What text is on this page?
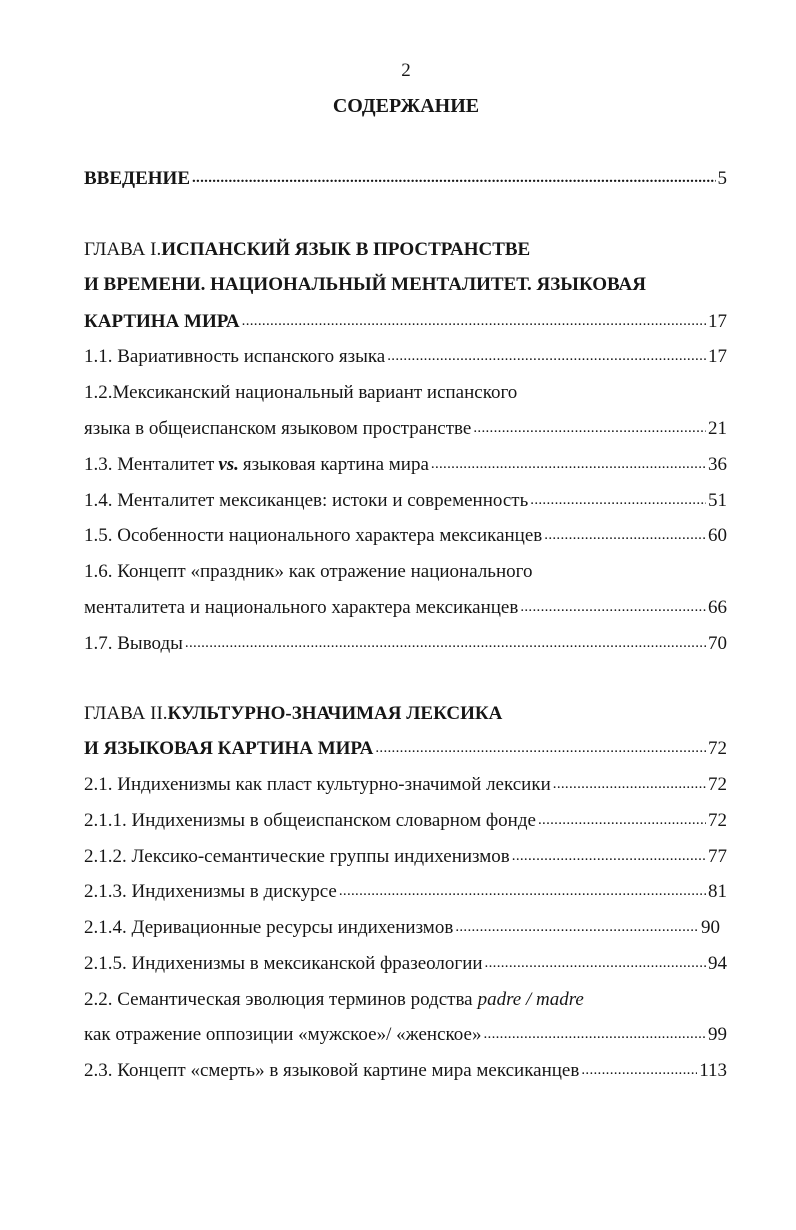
2
СОДЕРЖАНИЕ
ВВЕДЕНИЕ .....	5
ГЛАВА I. ИСПАНСКИЙ ЯЗЫК В ПРОСТРАНСТВЕ
И ВРЕМЕНИ. НАЦИОНАЛЬНЫЙ МЕНТАЛИТЕТ. ЯЗЫКОВАЯ
КАРТИНА МИРА .....	17
1.1. Вариативность испанского языка .....	17
1.2.Мексиканский национальный вариант испанского
языка в общеиспанском языковом пространстве .....	21
1.3. Менталитет vs. языковая картина мира .....	36
1.4. Менталитет мексиканцев: истоки и современность .....	51
1.5. Особенности национального характера мексиканцев .....	60
1.6. Концепт «праздник» как отражение национального
менталитета и национального характера мексиканцев .....	66
1.7. Выводы .....	70
ГЛАВА II. КУЛЬТУРНО-ЗНАЧИМАЯ ЛЕКСИКА
И ЯЗЫКОВАЯ КАРТИНА МИРА .....	72
2.1. Индихенизмы как пласт культурно-значимой лексики .....	72
2.1.1. Индихенизмы в общеиспанском словарном фонде .....	72
2.1.2. Лексико-семантические группы индихенизмов .....	77
2.1.3. Индихенизмы в дискурсе .....	81
2.1.4. Деривационные ресурсы индихенизмов .....	90
2.1.5. Индихенизмы в мексиканской фразеологии .....	94
2.2. Семантическая эволюция терминов родства padre / madre
как отражение оппозиции «мужское»/ «женское» .....	99
2.3. Концепт «смерть» в языковой картине мира мексиканцев .....	113
